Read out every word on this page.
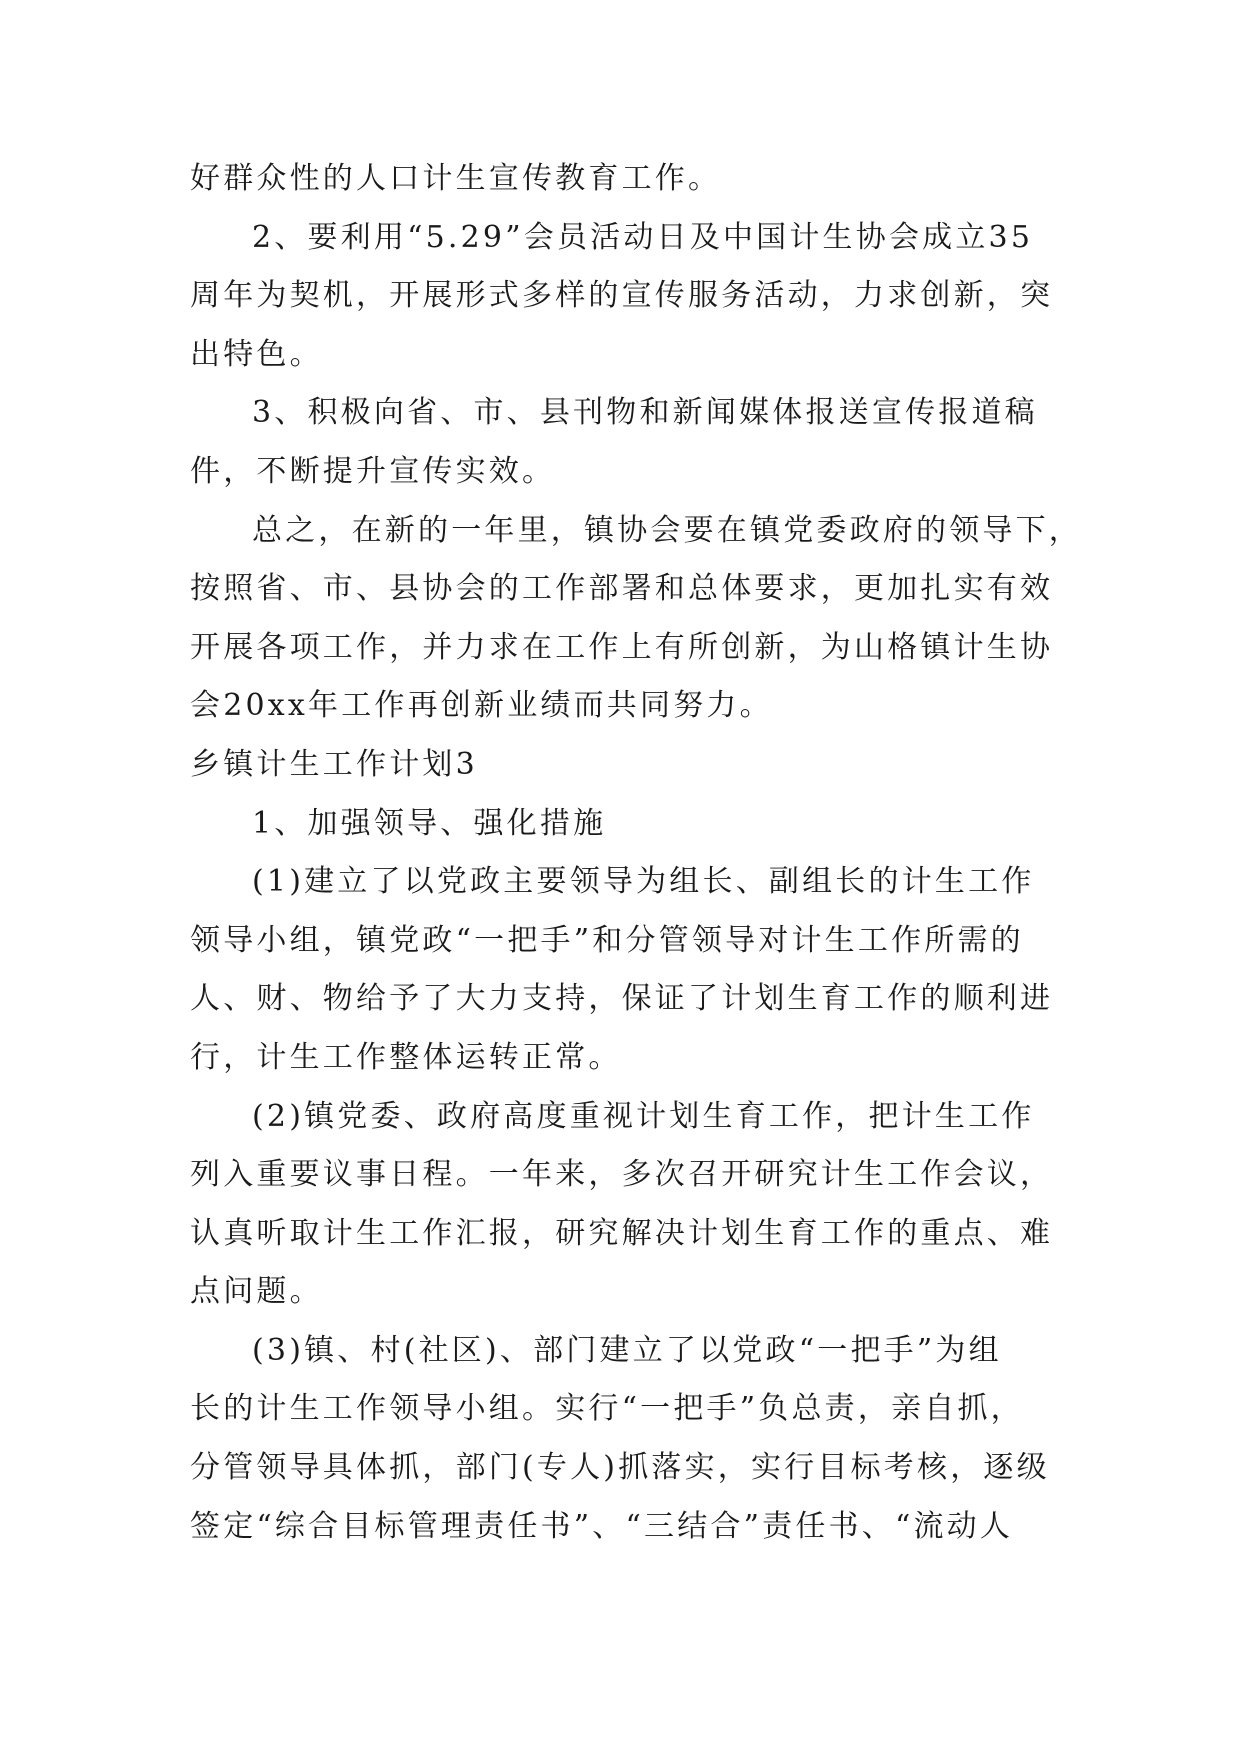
好群众性的人口计生宣传教育工作。
2、要利用“5.29”会员活动日及中国计生协会成立35
周年为契机，开展形式多样的宣传服务活动，力求创新，突
出特色。
3、积极向省、市、县刊物和新闻媒体报送宣传报道稿
件，不断提升宣传实效。
总之，在新的一年里，镇协会要在镇党委政府的领导下，
按照省、市、县协会的工作部署和总体要求，更加扎实有效
开展各项工作，并力求在工作上有所创新，为山格镇计生协
会20xx年工作再创新业绩而共同努力。
乡镇计生工作计划3
1、加强领导、强化措施
(1)建立了以党政主要领导为组长、副组长的计生工作
领导小组，镇党政“一把手”和分管领导对计生工作所需的
人、财、物给予了大力支持，保证了计划生育工作的顺利进
行，计生工作整体运转正常。
(2)镇党委、政府高度重视计划生育工作，把计生工作
列入重要议事日程。一年来，多次召开研究计生工作会议，
认真听取计生工作汇报，研究解决计划生育工作的重点、难
点问题。
(3)镇、村(社区)、部门建立了以党政“一把手”为组
长的计生工作领导小组。实行“一把手”负总责，亲自抓，
分管领导具体抓，部门(专人)抓落实，实行目标考核，逐级
签定“综合目标管理责任书”、“三结合”责任书、“流动人
